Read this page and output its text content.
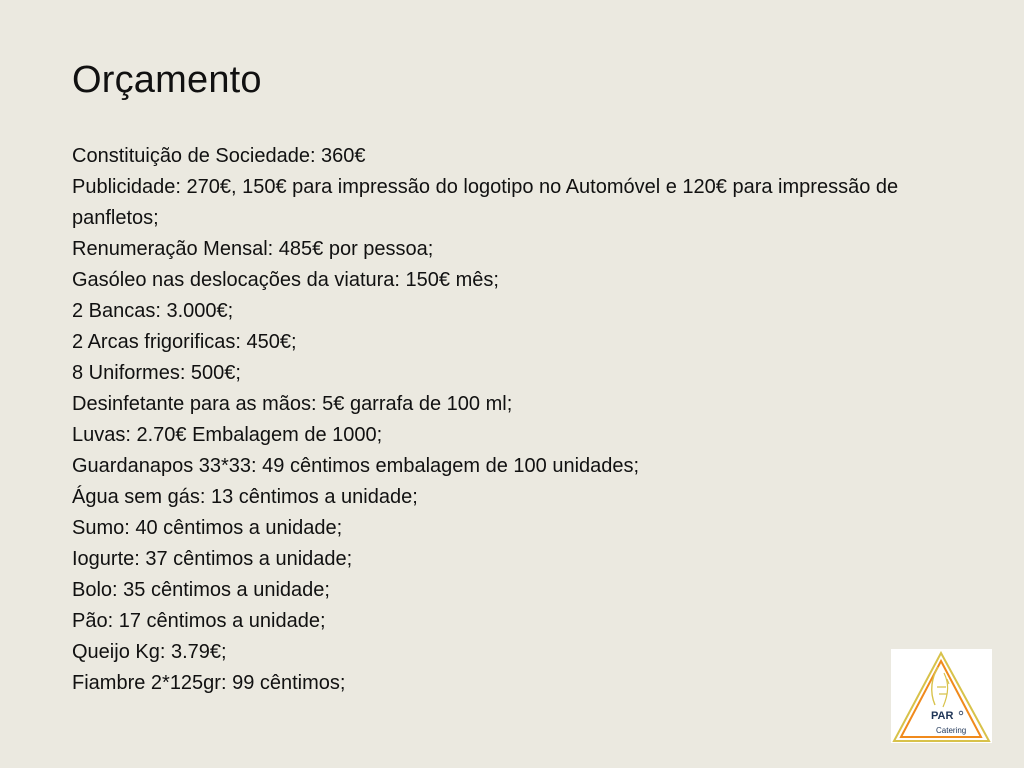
Orçamento
Constituição de Sociedade: 360€
Publicidade: 270€, 150€ para impressão do logotipo no Automóvel e 120€ para impressão de panfletos;
Renumeração Mensal: 485€ por pessoa;
Gasóleo nas deslocações da viatura: 150€ mês;
2 Bancas: 3.000€;
2 Arcas frigorificas: 450€;
8 Uniformes: 500€;
Desinfetante para as mãos: 5€ garrafa de 100 ml;
Luvas: 2.70€ Embalagem de 1000;
Guardanapos 33*33: 49 cêntimos embalagem de 100 unidades;
Água sem gás: 13 cêntimos a unidade;
Sumo: 40 cêntimos a unidade;
Iogurte: 37 cêntimos a unidade;
Bolo: 35 cêntimos a unidade;
Pão: 17 cêntimos a unidade;
Queijo Kg: 3.79€;
Fiambre 2*125gr: 99 cêntimos;
PAR
Catering
